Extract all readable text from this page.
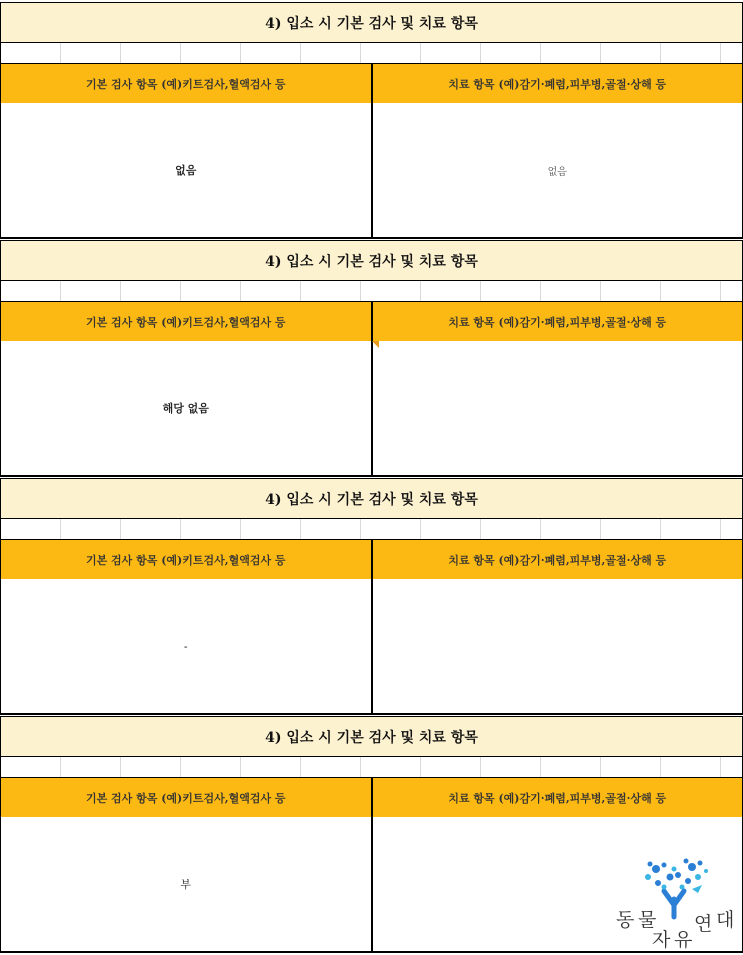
4) 입소 시 기본 검사 및 치료 항목
기본 검사 항목 (예)키트검사,혈액검사 등	치료 항목 (예)감기·폐렴,피부병,골절·상해 등
없음	없음
4) 입소 시 기본 검사 및 치료 항목
기본 검사 항목 (예)키트검사,혈액검사 등	치료 항목 (예)감기·폐렴,피부병,골절·상해 등
해당 없음
4) 입소 시 기본 검사 및 치료 항목
기본 검사 항목 (예)키트검사,혈액검사 등	치료 항목 (예)감기·폐렴,피부병,골절·상해 등
-
4) 입소 시 기본 검사 및 치료 항목
기본 검사 항목 (예)키트검사,혈액검사 등	치료 항목 (예)감기·폐렴,피부병,골절·상해 등
부
동 물
자 유
연 대
